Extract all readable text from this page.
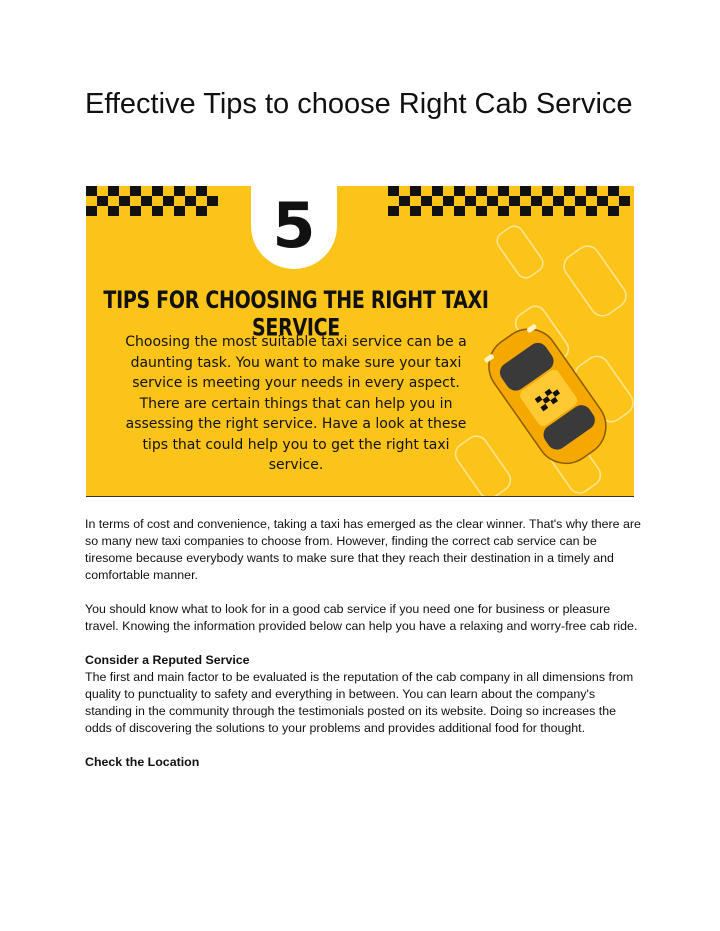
Effective Tips to choose Right Cab Service
5
TIPS FOR CHOOSING THE RIGHT TAXI SERVICE
Choosing the most suitable taxi service can be a daunting task. You want to make sure your taxi service is meeting your needs in every aspect. There are certain things that can help you in assessing the right service. Have a look at these tips that could help you to get the right taxi service.

In terms of cost and convenience, taking a taxi has emerged as the clear winner. That's why there are so many new taxi companies to choose from. However, finding the correct cab service can be tiresome because everybody wants to make sure that they reach their destination in a timely and comfortable manner.

You should know what to look for in a good cab service if you need one for business or pleasure travel. Knowing the information provided below can help you have a relaxing and worry-free cab ride.

Consider a Reputed Service
The first and main factor to be evaluated is the reputation of the cab company in all dimensions from quality to punctuality to safety and everything in between. You can learn about the company's standing in the community through the testimonials posted on its website. Doing so increases the odds of discovering the solutions to your problems and provides additional food for thought.
Check the Location
